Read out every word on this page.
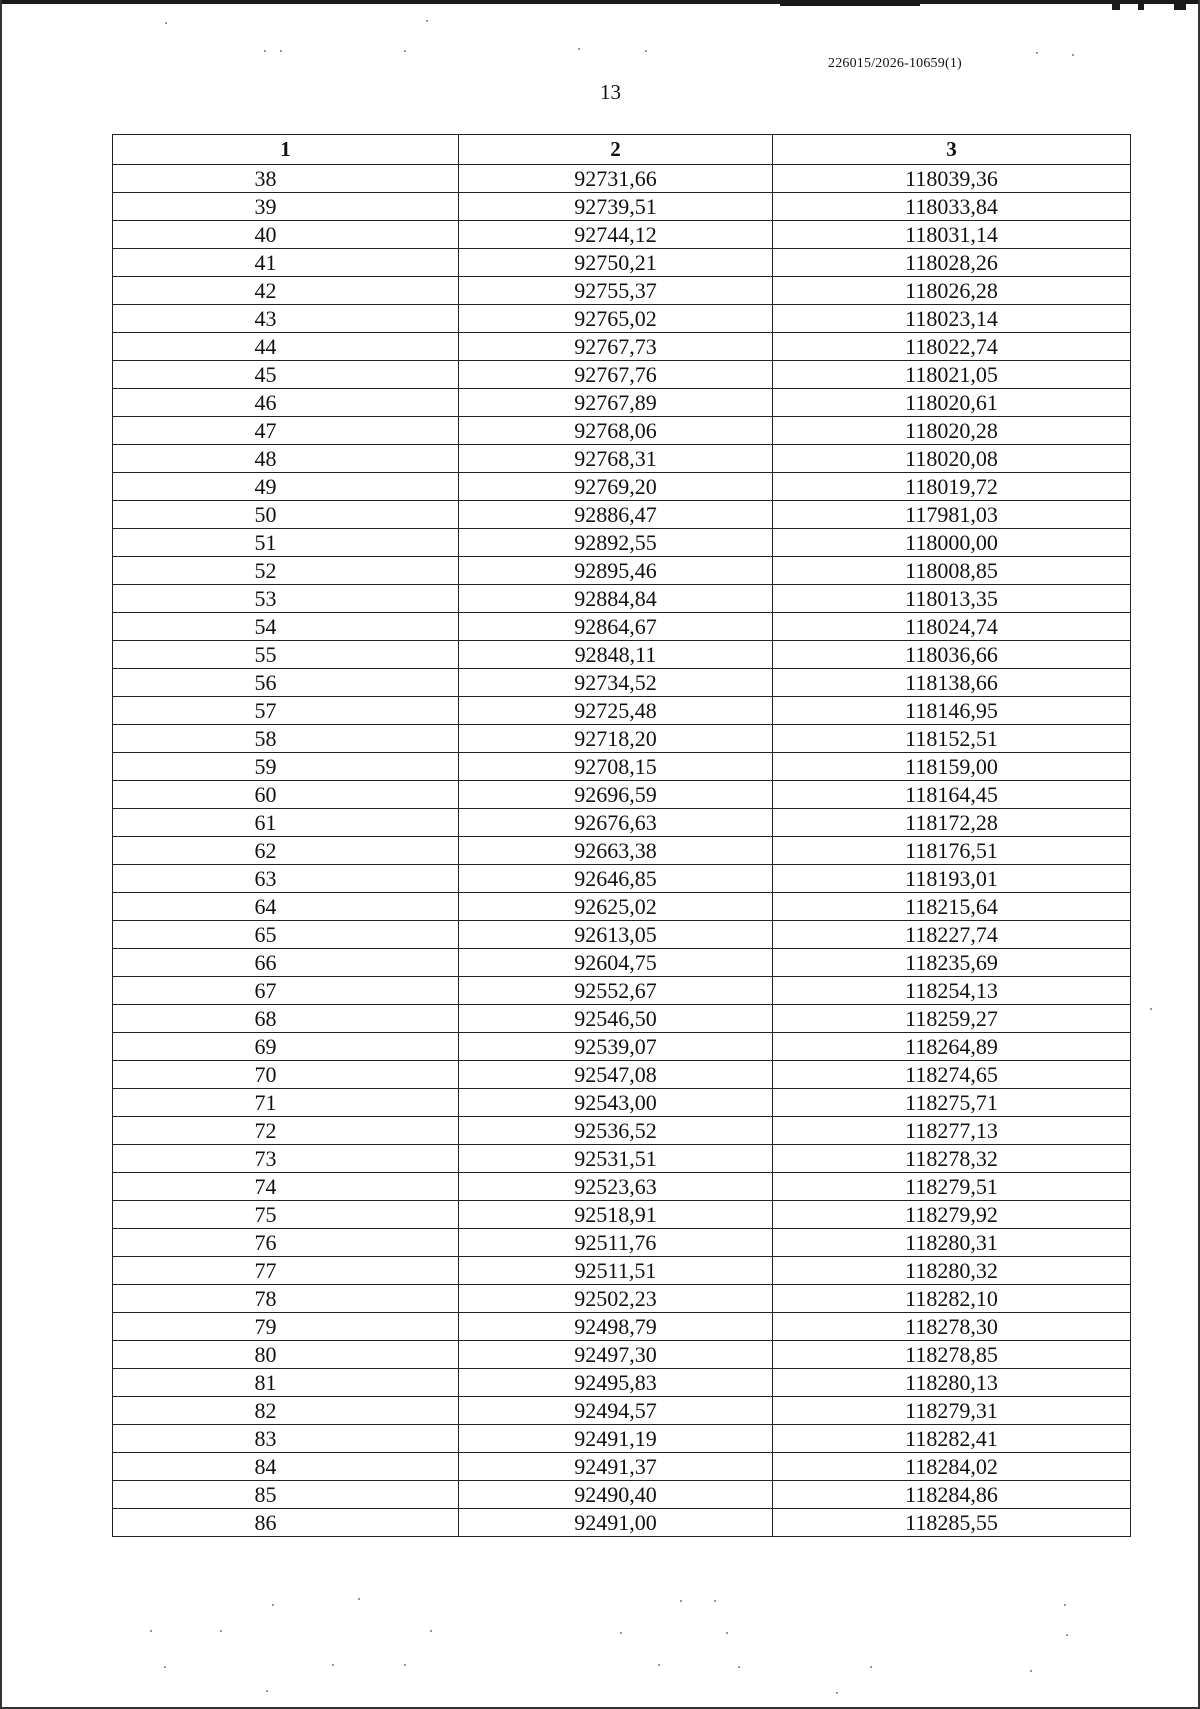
226015/2026-10659(1)
13
1	2	3
38	92731,66	118039,36
39	92739,51	118033,84
40	92744,12	118031,14
41	92750,21	118028,26
42	92755,37	118026,28
43	92765,02	118023,14
44	92767,73	118022,74
45	92767,76	118021,05
46	92767,89	118020,61
47	92768,06	118020,28
48	92768,31	118020,08
49	92769,20	118019,72
50	92886,47	117981,03
51	92892,55	118000,00
52	92895,46	118008,85
53	92884,84	118013,35
54	92864,67	118024,74
55	92848,11	118036,66
56	92734,52	118138,66
57	92725,48	118146,95
58	92718,20	118152,51
59	92708,15	118159,00
60	92696,59	118164,45
61	92676,63	118172,28
62	92663,38	118176,51
63	92646,85	118193,01
64	92625,02	118215,64
65	92613,05	118227,74
66	92604,75	118235,69
67	92552,67	118254,13
68	92546,50	118259,27
69	92539,07	118264,89
70	92547,08	118274,65
71	92543,00	118275,71
72	92536,52	118277,13
73	92531,51	118278,32
74	92523,63	118279,51
75	92518,91	118279,92
76	92511,76	118280,31
77	92511,51	118280,32
78	92502,23	118282,10
79	92498,79	118278,30
80	92497,30	118278,85
81	92495,83	118280,13
82	92494,57	118279,31
83	92491,19	118282,41
84	92491,37	118284,02
85	92490,40	118284,86
86	92491,00	118285,55
